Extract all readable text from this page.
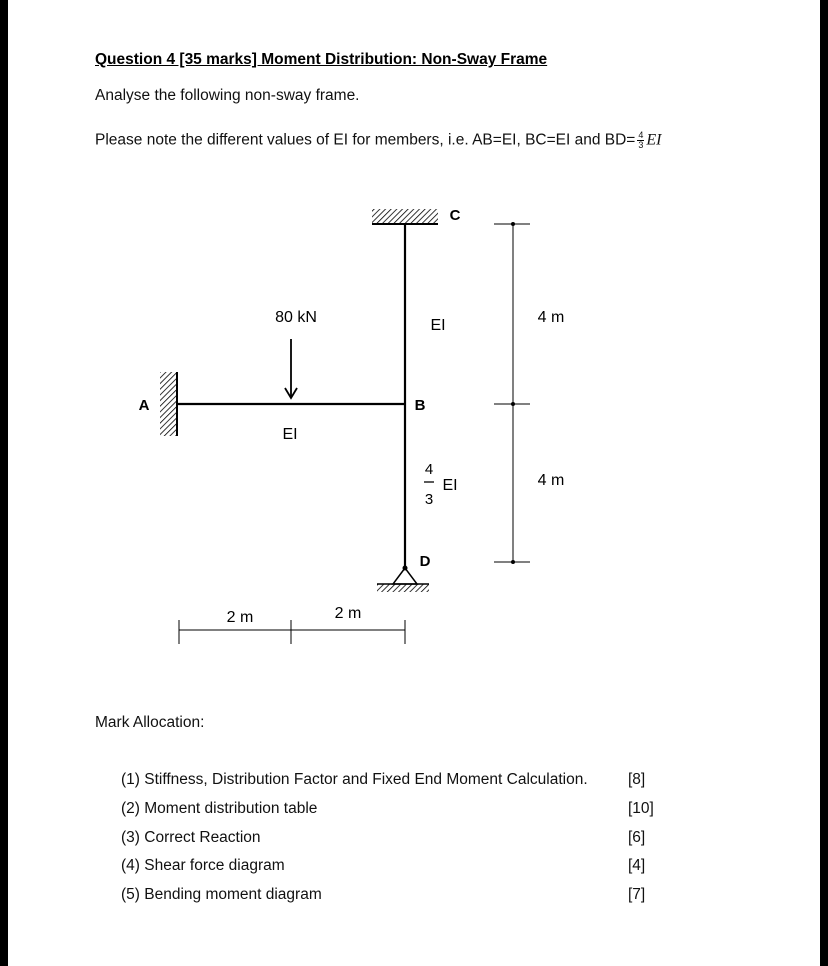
Question 4 [35 marks] Moment Distribution: Non-Sway Frame
Analyse the following non-sway frame.
Please note the different values of EI for members, i.e. AB=EI, BC=EI and $BD= \frac{4}{3}$ EI
C
A	B
D
80 kN
EI
EI
4
3
EI
4 m
4 m
2 m	2 m
Mark Allocation:
(1) Stiffness, Distribution Factor and Fixed End Moment Calculation.	[8]
(2) Moment distribution table	[10]
(3) Correct Reaction	[6]
(4) Shear force diagram	[4]
(5) Bending moment diagram	[7]
